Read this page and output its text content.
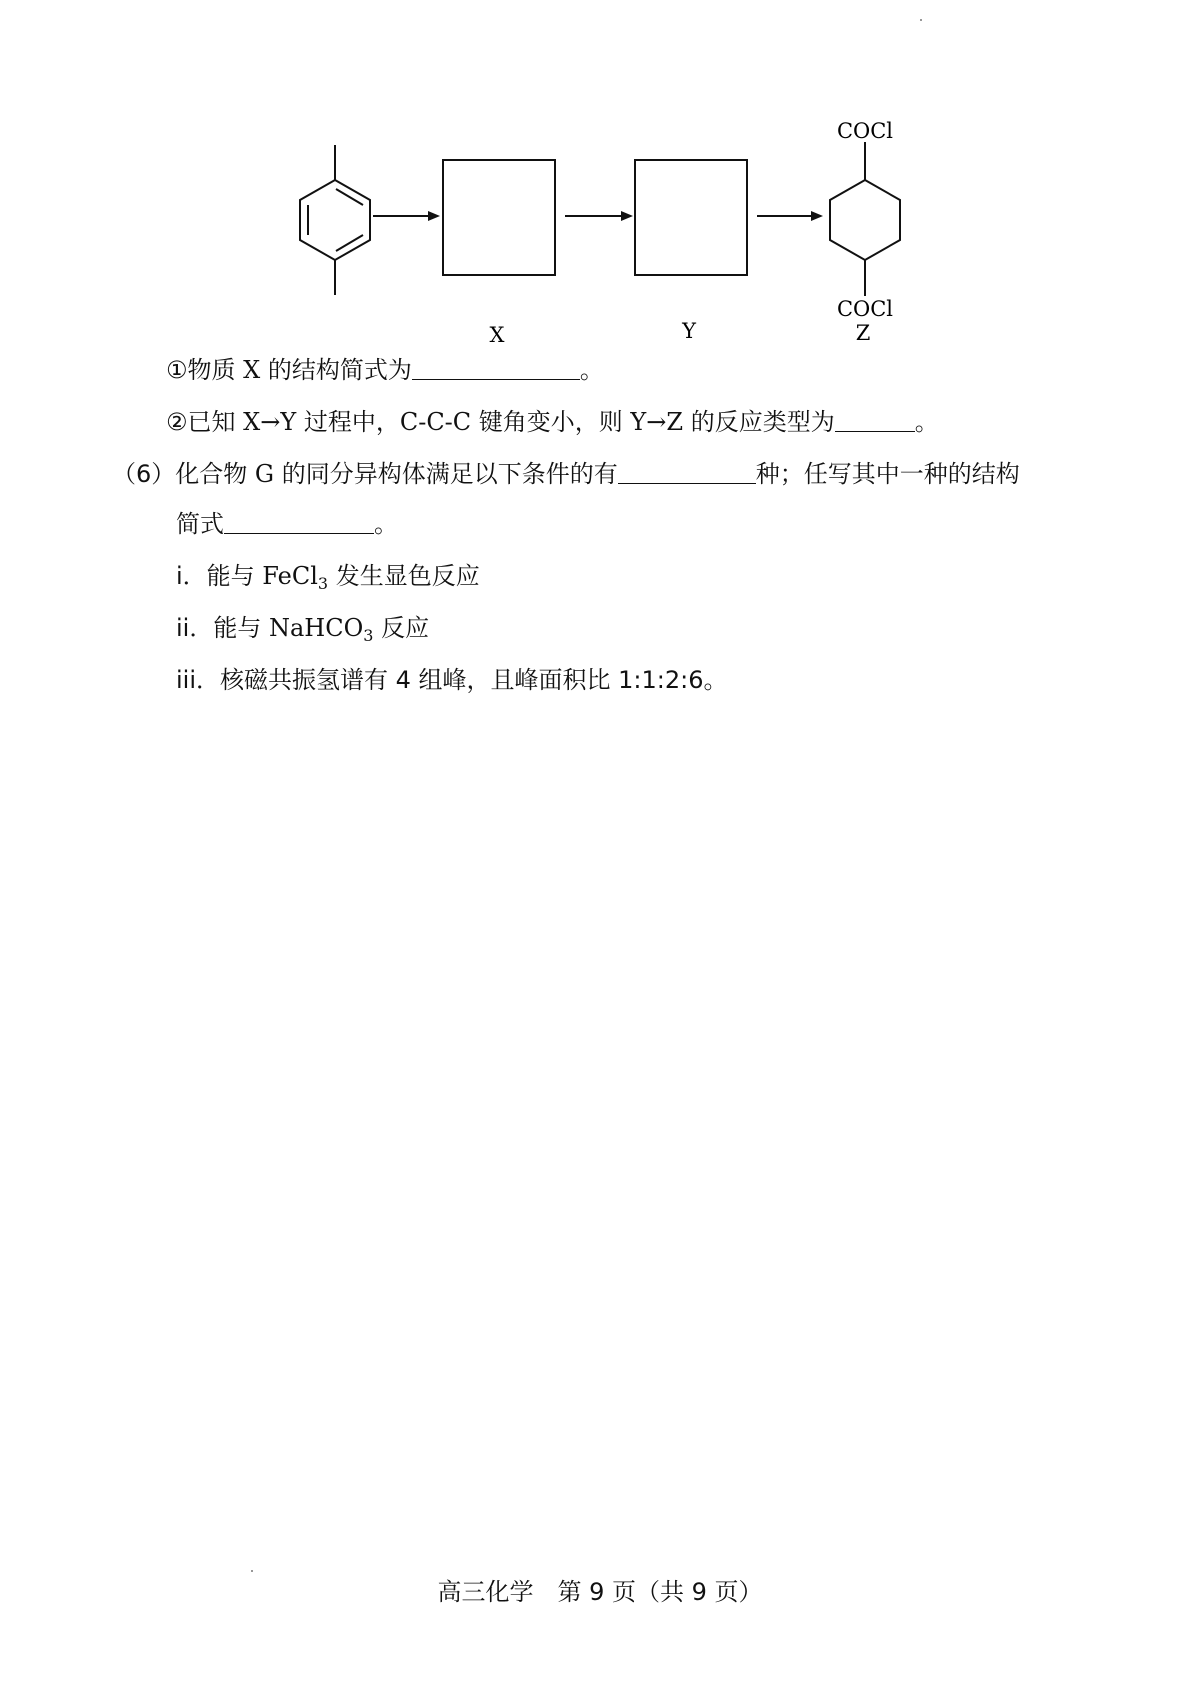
COCl
COCl
X	Y	Z
①物质 X 的结构简式为	。
②已知 X→Y 过程中，C-C-C 键角变小，则 Y→Z 的反应类型为	。
（6）化合物 G 的同分异构体满足以下条件的有	种；任写其中一种的结构
简式	。
i．能与 FeCl$_3$ 发生显色反应
ii．能与 NaHCO$_3$ 反应
iii．核磁共振氢谱有 4 组峰，且峰面积比 1:1:2:6。
高三化学　第 9 页（共 9 页）
